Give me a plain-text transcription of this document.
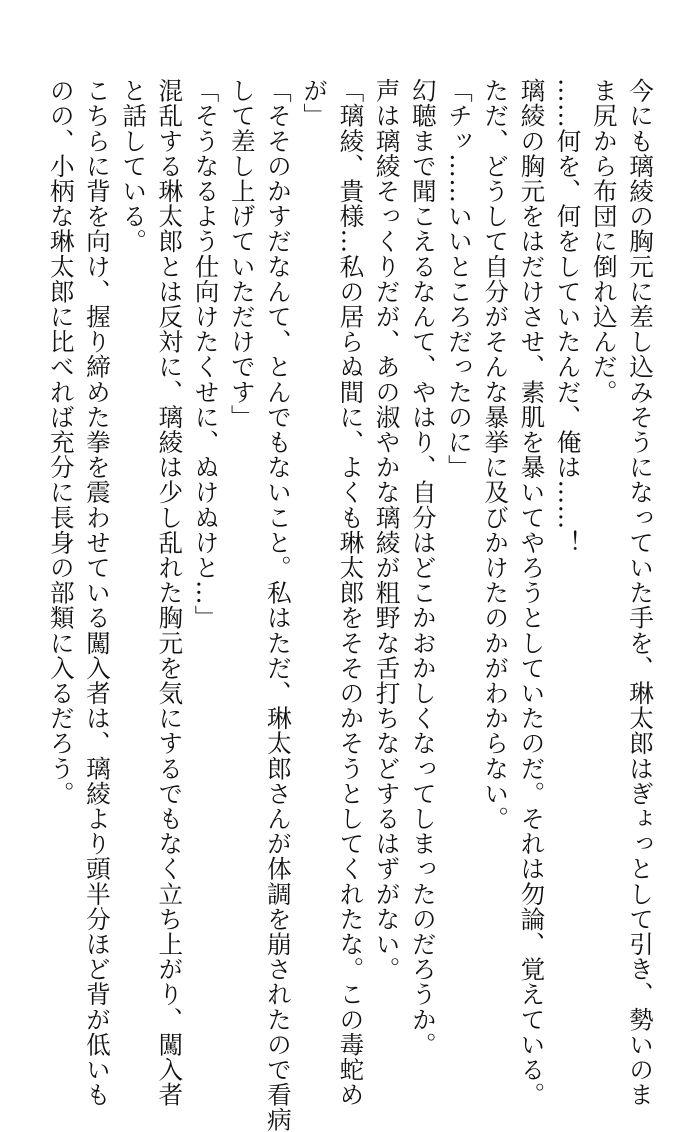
今にも璃綾の胸元に差し込みそうになっていた手を、琳太郎はぎょっとして引き、勢いのま
ま尻から布団に倒れ込んだ。
……何を、何をしていたんだ、俺は……！
璃綾の胸元をはだけさせ、素肌を暴いてやろうとしていたのだ。それは勿論、覚えている。
ただ、どうして自分がそんな暴挙に及びかけたのかがわからない。
「チッ……いいところだったのに」
幻聴まで聞こえるなんて、やはり、自分はどこかおかしくなってしまったのだろうか。
声は璃綾そっくりだが、あの淑やかな璃綾が粗野な舌打ちなどするはずがない。
「璃綾、貴様…私の居らぬ間に、よくも琳太郎をそそのかそうとしてくれたな。この毒蛇め
が」
「そそのかすだなんて、とんでもないこと。私はただ、琳太郎さんが体調を崩されたので看病
して差し上げていただけです」
「そうなるよう仕向けたくせに、ぬけぬけと…」
混乱する琳太郎とは反対に、璃綾は少し乱れた胸元を気にするでもなく立ち上がり、闖入者
と話している。
こちらに背を向け、握り締めた拳を震わせている闖入者は、璃綾より頭半分ほど背が低いも
のの、小柄な琳太郎に比べれば充分に長身の部類に入るだろう。
